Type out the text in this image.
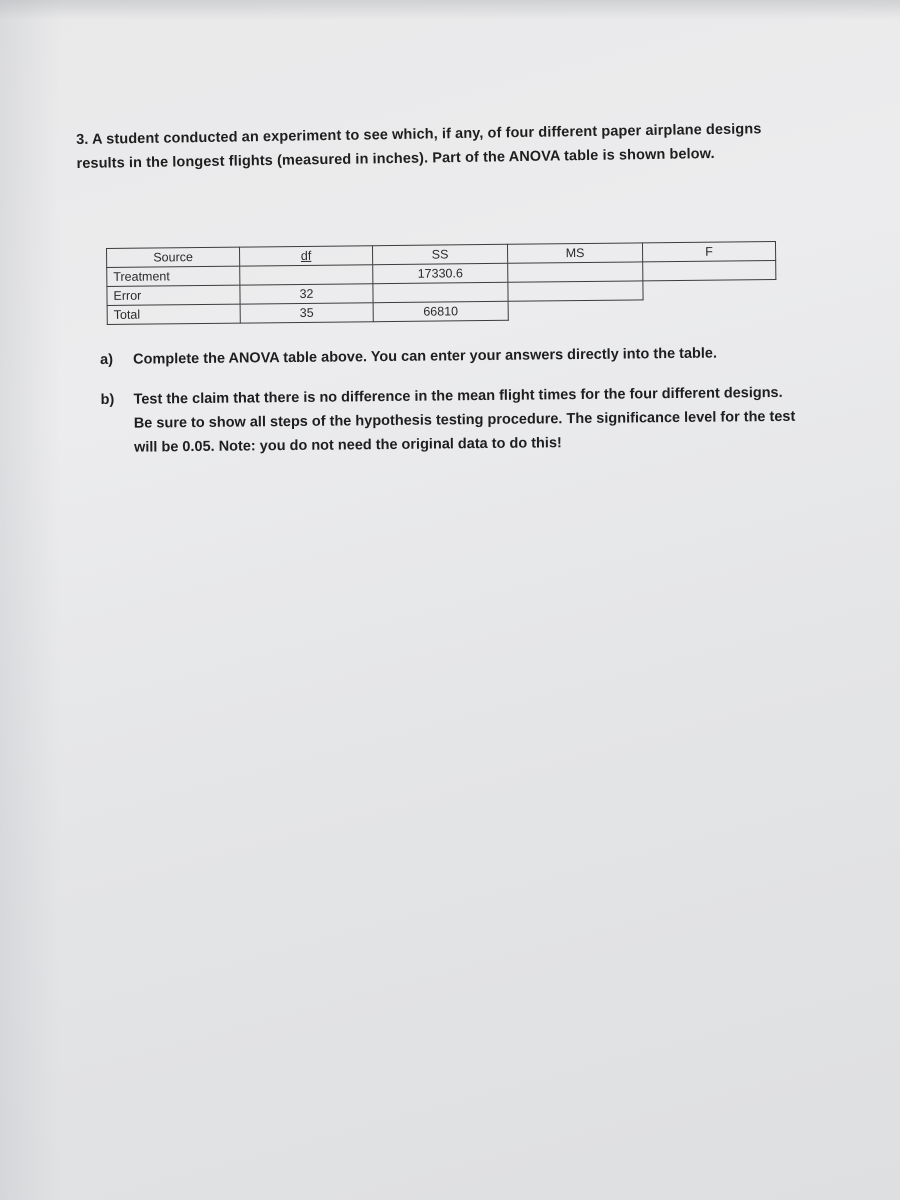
3. A student conducted an experiment to see which, if any, of four different paper airplane designs
results in the longest flights (measured in inches). Part of the ANOVA table is shown below.
Source	df	SS	MS	F
Treatment		17330.6		
Error	32			
Total	35	66810		
a)	Complete the ANOVA table above. You can enter your answers directly into the table.
b)	Test the claim that there is no difference in the mean flight times for the four different designs.
Be sure to show all steps of the hypothesis testing procedure. The significance level for the test
will be 0.05. Note: you do not need the original data to do this!
